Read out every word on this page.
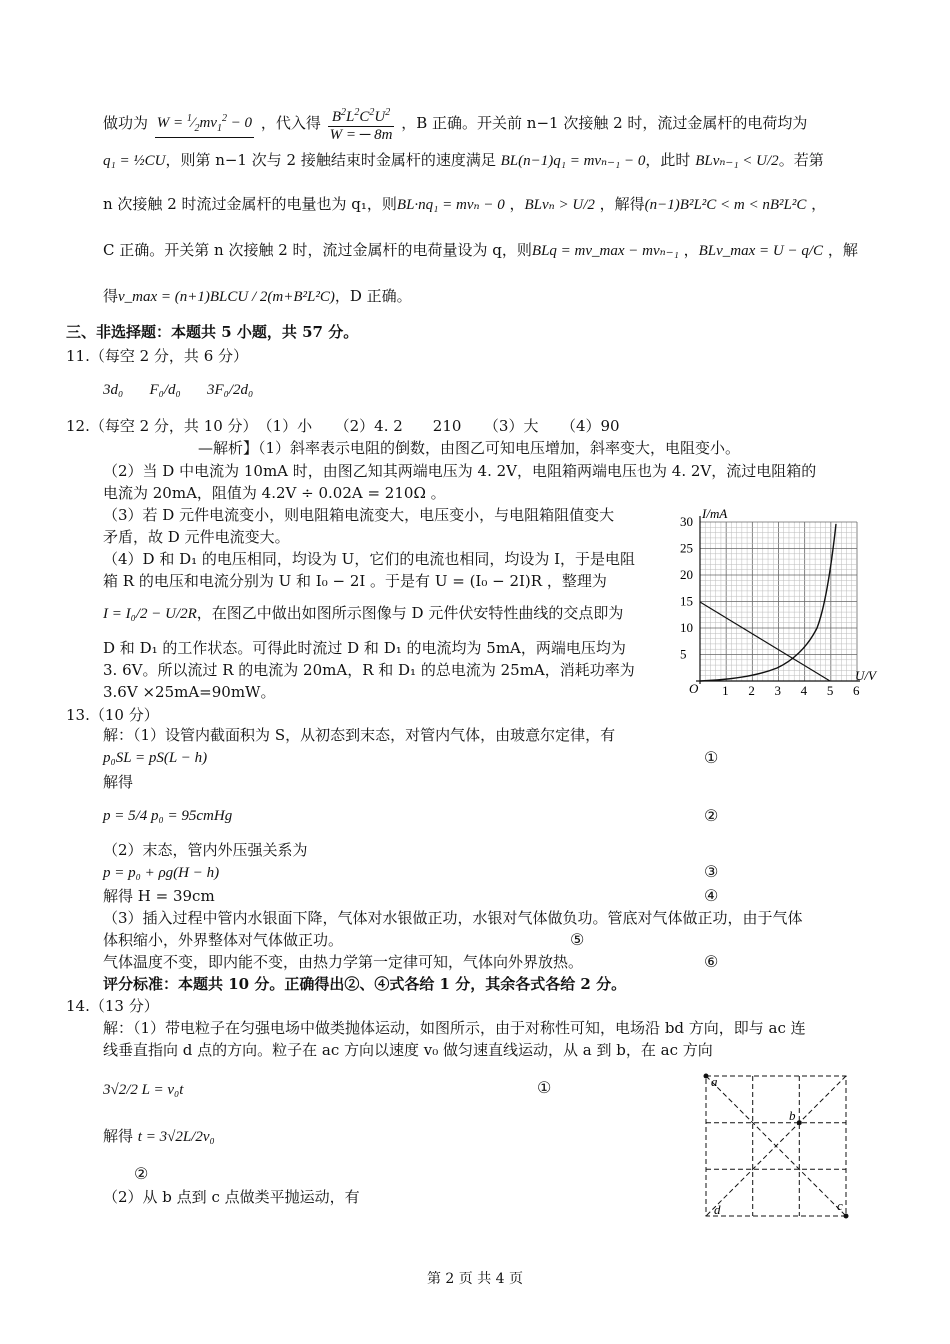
做功为 $W = ^1⁄_2mv_1^2 - 0$ ，代入得 $\frac{B^2L^2C^2U^2}{W = ─ 8m}$ ，B 正确。开关前 n−1 次接触 2 时，流过金属杆的电荷均为
q₁ = ½CU，则第 n−1 次与 2 接触结束时金属杆的速度满足 BL(n−1)q₁ = mvₙ₋₁ − 0，此时 BLvₙ₋₁ < U/2。若第
n 次接触 2 时流过金属杆的电量也为 q₁，则BL·nq₁ = mvₙ − 0 ，BLvₙ > U/2 ，解得(n−1)B²L²C < m < nB²L²C ，
C 正确。开关第 n 次接触 2 时，流过金属杆的电荷量设为 q，则BLq = mv_max − mvₙ₋₁ ，BLv_max = U − q/C ，解
得v_max = (n+1)BLCU / 2(m+B²L²C)，D 正确。
三、非选择题：本题共 5 小题，共 57 分。
11.（每空 2 分，共 6 分）
3d₀ F₀/d₀ 3F₀/2d₀
12.（每空 2 分，共 10 分）　（1）小　　（2）4. 2　　210　　（3）大　　（4）90
—解析】（1）斜率表示电阻的倒数，由图乙可知电压增加，斜率变大，电阻变小。
（2）当 D 中电流为 10mA 时，由图乙知其两端电压为 4. 2V，电阻箱两端电压也为 4. 2V，流过电阻箱的
电流为 20mA，阻值为 4.2V ÷ 0.02A = 210Ω 。
（3）若 D 元件电流变小，则电阻箱电流变大，电压变小，与电阻箱阻值变大
矛盾，故 D 元件电流变大。
（4）D 和 D₁ 的电压相同，均设为 U，它们的电流也相同，均设为 I，于是电阻
箱 R 的电压和电流分别为 U 和 I₀ − 2I 。于是有 U = (I₀ − 2I)R ，整理为
I = I₀/2 − U/2R，在图乙中做出如图所示图像与 D 元件伏安特性曲线的交点即为
D 和 D₁ 的工作状态。可得此时流过 D 和 D₁ 的电流均为 5mA，两端电压均为
3. 6V。所以流过 R 的电流为 20mA，R 和 D₁ 的总电流为 25mA，消耗功率为
3.6V ×25mA=90mW。
I/mA
U/V
O
30
25
20
15
10
5
1 2 3 4 5 6
13.（10 分）
解：（1）设管内截面积为 S，从初态到末态，对管内气体，由玻意尔定律，有
p₀SL = pS(L − h)	①
解得
p = 5/4 p₀ = 95cmHg	②
（2）末态，管内外压强关系为
p = p₀ + ρg(H − h)	③
解得 H = 39cm	④
（3）插入过程中管内水银面下降，气体对水银做正功，水银对气体做负功。管底对气体做正功，由于气体
体积缩小，外界整体对气体做正功。	⑤
气体温度不变，即内能不变，由热力学第一定律可知，气体向外界放热。	⑥
评分标准：本题共 10 分。正确得出②、④式各给 1 分，其余各式各给 2 分。
14.（13 分）
解：（1）带电粒子在匀强电场中做类抛体运动，如图所示，由于对称性可知，电场沿 bd 方向，即与 ac 连
线垂直指向 d 点的方向。粒子在 ac 方向以速度 v₀ 做匀速直线运动，从 a 到 b，在 ac 方向
3√2/2 L = v₀t	①
解得 t = 3√2L/2v₀
②
（2）从 b 点到 c 点做类平抛运动，有
a
b
c
d
第 2 页 共 4 页
